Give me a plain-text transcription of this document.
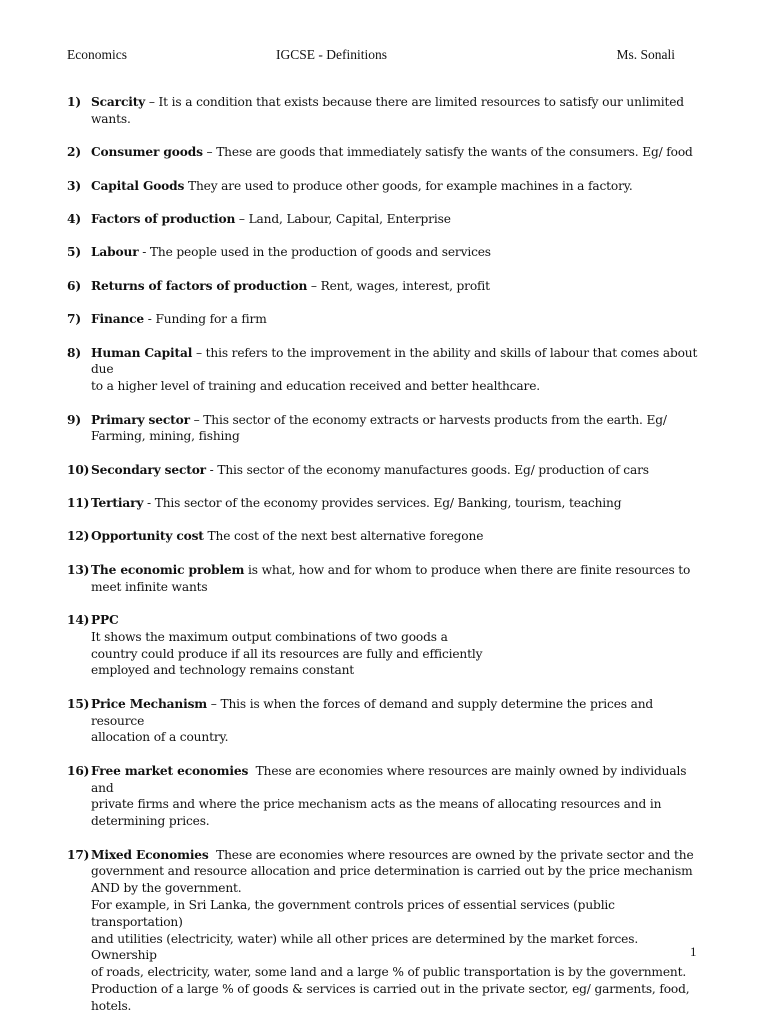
Economics	IGCSE - Definitions	Ms. Sonali
1) Scarcity – It is a condition that exists because there are limited resources to satisfy our unlimited
wants.
2) Consumer goods – These are goods that immediately satisfy the wants of the consumers. Eg/ food
3) Capital Goods They are used to produce other goods, for example machines in a factory.
4) Factors of production – Land, Labour, Capital, Enterprise
5) Labour - The people used in the production of goods and services
6) Returns of factors of production – Rent, wages, interest, profit
7) Finance - Funding for a firm
8) Human Capital – this refers to the improvement in the ability and skills of labour that comes about due
to a higher level of training and education received and better healthcare.
9) Primary sector – This sector of the economy extracts or harvests products from the earth. Eg/
Farming, mining, fishing
10) Secondary sector - This sector of the economy manufactures goods. Eg/ production of cars
11) Tertiary - This sector of the economy provides services. Eg/ Banking, tourism, teaching
12) Opportunity cost The cost of the next best alternative foregone
13) The economic problem is what, how and for whom to produce when there are finite resources to
meet infinite wants
14) PPC
It shows the maximum output combinations of two goods a
country could produce if all its resources are fully and efficiently
employed and technology remains constant
15) Price Mechanism – This is when the forces of demand and supply determine the prices and resource
allocation of a country.
16) Free market economies These are economies where resources are mainly owned by individuals and
private firms and where the price mechanism acts as the means of allocating resources and in
determining prices.
17) Mixed Economies These are economies where resources are owned by the private sector and the
government and resource allocation and price determination is carried out by the price mechanism
AND by the government.
For example, in Sri Lanka, the government controls prices of essential services (public transportation)
and utilities (electricity, water) while all other prices are determined by the market forces. Ownership
of roads, electricity, water, some land and a large % of public transportation is by the government.
Production of a large % of goods & services is carried out in the private sector, eg/ garments, food,
hotels.
1
